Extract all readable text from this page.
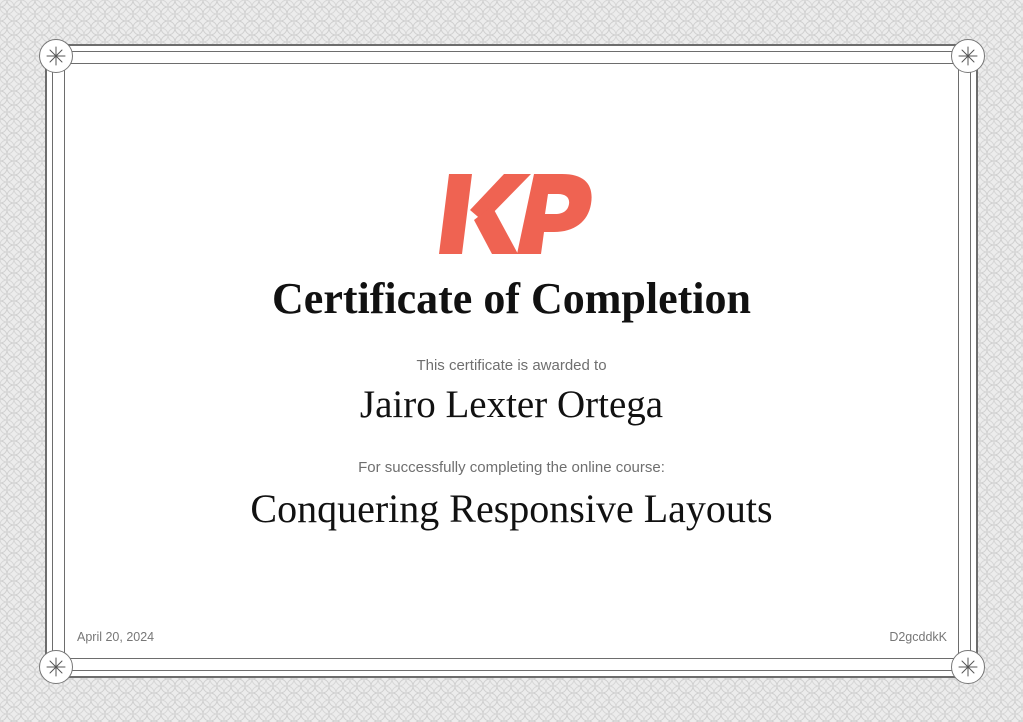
Certificate of Completion
This certificate is awarded to
Jairo Lexter Ortega
For successfully completing the online course:
Conquering Responsive Layouts
April 20, 2024	D2gcddkK
